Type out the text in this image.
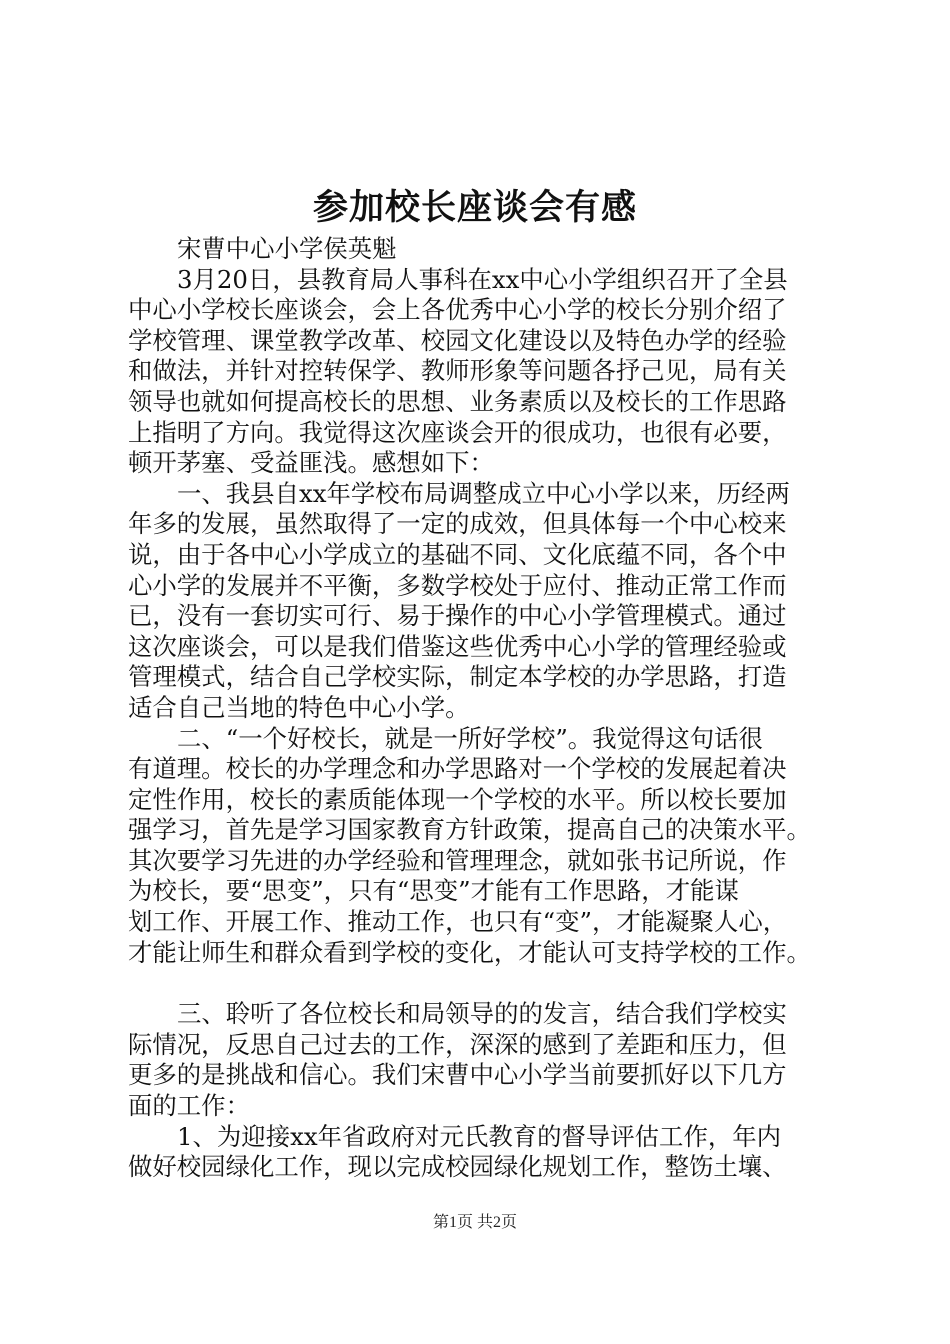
参加校长座谈会有感
宋曹中心小学侯英魁
3月20日，县教育局人事科在xx中心小学组织召开了全县
中心小学校长座谈会，会上各优秀中心小学的校长分别介绍了
学校管理、课堂教学改革、校园文化建设以及特色办学的经验
和做法，并针对控转保学、教师形象等问题各抒己见，局有关
领导也就如何提高校长的思想、业务素质以及校长的工作思路
上指明了方向。我觉得这次座谈会开的很成功，也很有必要，
顿开茅塞、受益匪浅。感想如下：
一、我县自xx年学校布局调整成立中心小学以来，历经两
年多的发展，虽然取得了一定的成效，但具体每一个中心校来
说，由于各中心小学成立的基础不同、文化底蕴不同，各个中
心小学的发展并不平衡，多数学校处于应付、推动正常工作而
已，没有一套切实可行、易于操作的中心小学管理模式。通过
这次座谈会，可以是我们借鉴这些优秀中心小学的管理经验或
管理模式，结合自己学校实际，制定本学校的办学思路，打造
适合自己当地的特色中心小学。
二、“一个好校长，就是一所好学校”。我觉得这句话很
有道理。校长的办学理念和办学思路对一个学校的发展起着决
定性作用，校长的素质能体现一个学校的水平。所以校长要加
强学习，首先是学习国家教育方针政策，提高自己的决策水平。
其次要学习先进的办学经验和管理理念，就如张书记所说，作
为校长，要“思变”，只有“思变”才能有工作思路，才能谋
划工作、开展工作、推动工作，也只有“变”，才能凝聚人心，
才能让师生和群众看到学校的变化，才能认可支持学校的工作。
三、聆听了各位校长和局领导的的发言，结合我们学校实
际情况，反思自己过去的工作，深深的感到了差距和压力，但
更多的是挑战和信心。我们宋曹中心小学当前要抓好以下几方
面的工作：
1、为迎接xx年省政府对元氏教育的督导评估工作，年内
做好校园绿化工作，现以完成校园绿化规划工作，整饬土壤、
第1页 共2页
